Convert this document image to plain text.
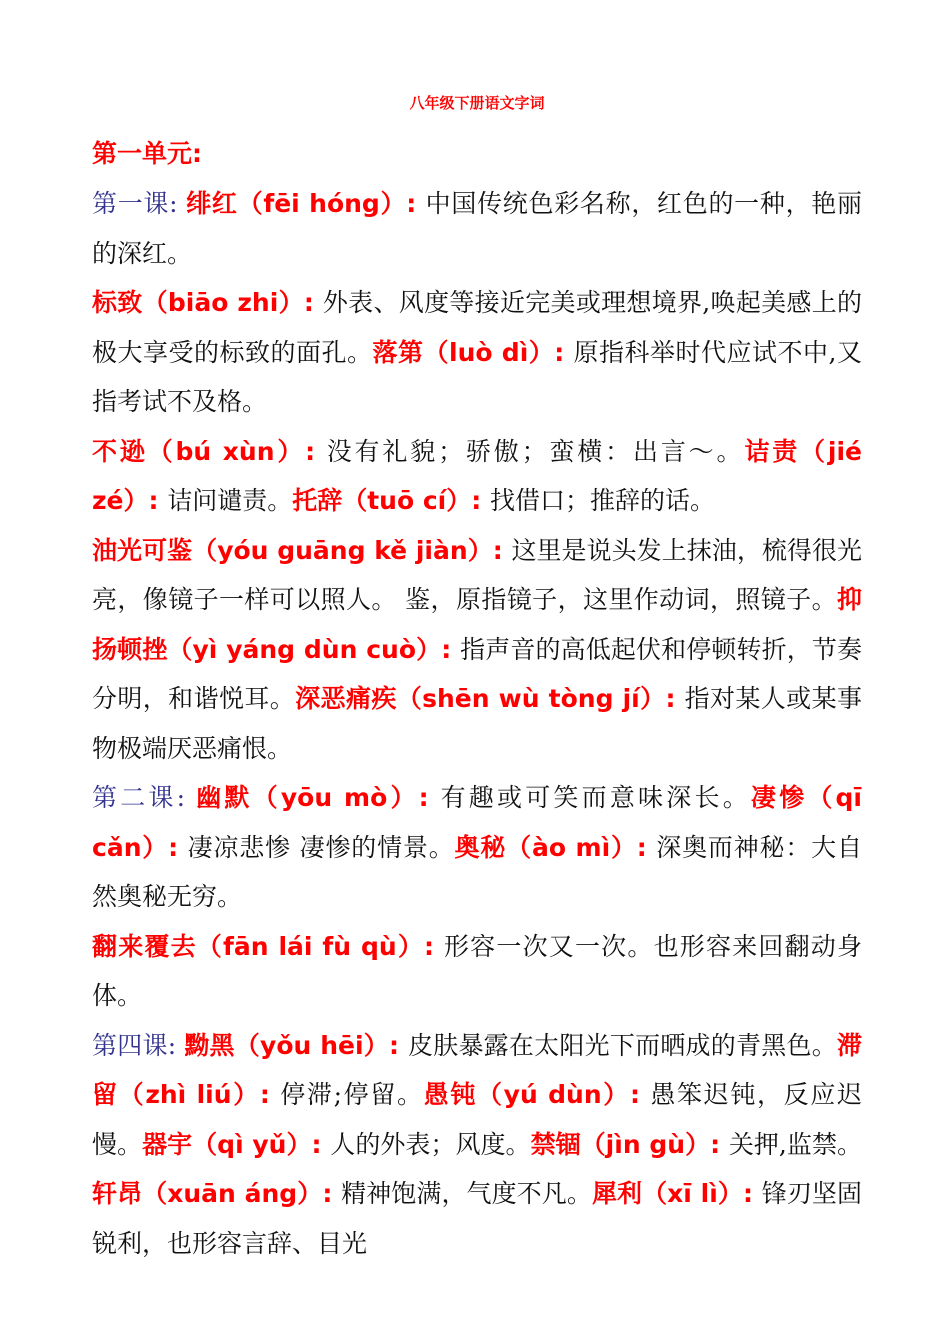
八年级下册语文字词
第一单元:

第一课: 绯红（fēi hóng）: 中国传统色彩名称，红色的一种，艳丽的深红。

标致（biāo zhi）: 外表、风度等接近完美或理想境界,唤起美感上的极大享受的标致的面孔。落第（luò dì）: 原指科举时代应试不中,又指考试不及格。

不逊（bú xùn）: 没有礼貌；骄傲；蛮横：出言～。诘责（jié zé）: 诘问谴责。托辞（tuō cí）: 找借口；推辞的话。

油光可鉴（yóu guāng kě jiàn）: 这里是说头发上抹油，梳得很光亮，像镜子一样可以照人。 鉴，原指镜子，这里作动词，照镜子。抑扬顿挫（yì yáng dùn cuò）: 指声音的高低起伏和停顿转折，节奏分明，和谐悦耳。深恶痛疾（shēn wù tòng jí）: 指对某人或某事物极端厌恶痛恨。

第二课: 幽默（yōu mò）: 有趣或可笑而意味深长。凄惨（qī cǎn）: 凄凉悲惨 凄惨的情景。奥秘（ào mì）: 深奥而神秘：大自然奥秘无穷。

翻来覆去（fān lái fù qù）: 形容一次又一次。也形容来回翻动身体。

第四课: 黝黑（yǒu hēi）: 皮肤暴露在太阳光下而晒成的青黑色。滞留（zhì liú）: 停滞;停留。愚钝（yú dùn）: 愚笨迟钝，反应迟慢。器宇（qì yǔ）: 人的外表；风度。禁锢（jìn gù）: 关押,监禁。轩昂（xuān áng）: 精神饱满，气度不凡。犀利（xī lì）: 锋刃坚固锐利，也形容言辞、目光
